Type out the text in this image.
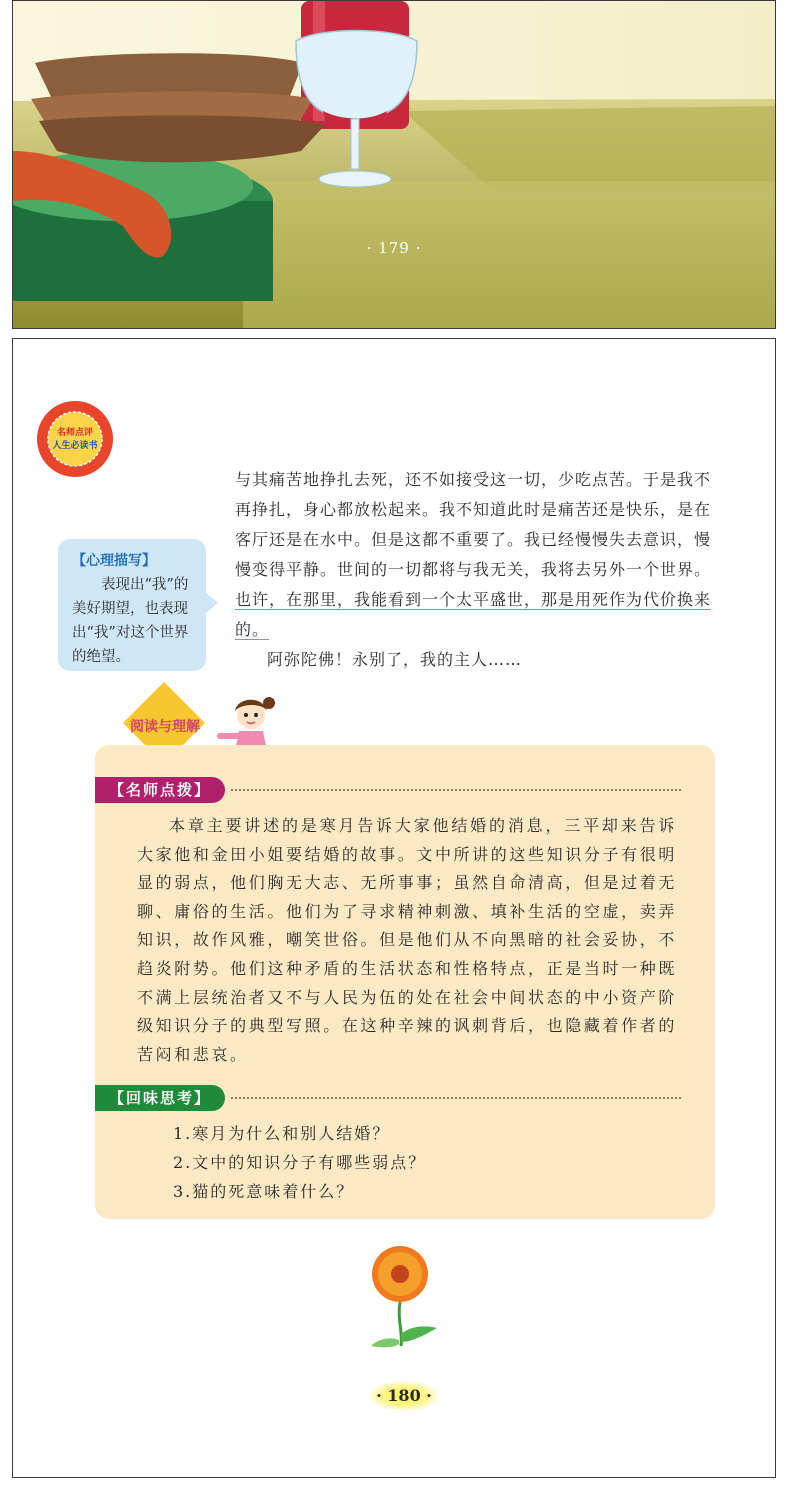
· 179 ·
名师点评
人生必读书

与其痛苦地挣扎去死，还不如接受这一切，少吃点苦。于是我不再挣扎，身心都放松起来。我不知道此时是痛苦还是快乐，是在客厅还是在水中。但是这都不重要了。我已经慢慢失去意识，慢慢变得平静。世间的一切都将与我无关，我将去另外一个世界。也许，在那里，我能看到一个太平盛世，那是用死作为代价换来的。

阿弥陀佛！永别了，我的主人……

【心理描写】
表现出“我”的美好期望，也表现出“我”对这个世界的绝望。
阅读与理解
【名师点拨】

本章主要讲述的是寒月告诉大家他结婚的消息，三平却来告诉大家他和金田小姐要结婚的故事。文中所讲的这些知识分子有很明显的弱点，他们胸无大志、无所事事；虽然自命清高，但是过着无聊、庸俗的生活。他们为了寻求精神刺激、填补生活的空虚，卖弄知识，故作风雅，嘲笑世俗。但是他们从不向黑暗的社会妥协，不趋炎附势。他们这种矛盾的生活状态和性格特点，正是当时一种既不满上层统治者又不与人民为伍的处在社会中间状态的中小资产阶级知识分子的典型写照。在这种辛辣的讽刺背后，也隐藏着作者的苦闷和悲哀。

【回味思考】
1.寒月为什么和别人结婚？
2.文中的知识分子有哪些弱点？
3.猫的死意味着什么？
· 180 ·
